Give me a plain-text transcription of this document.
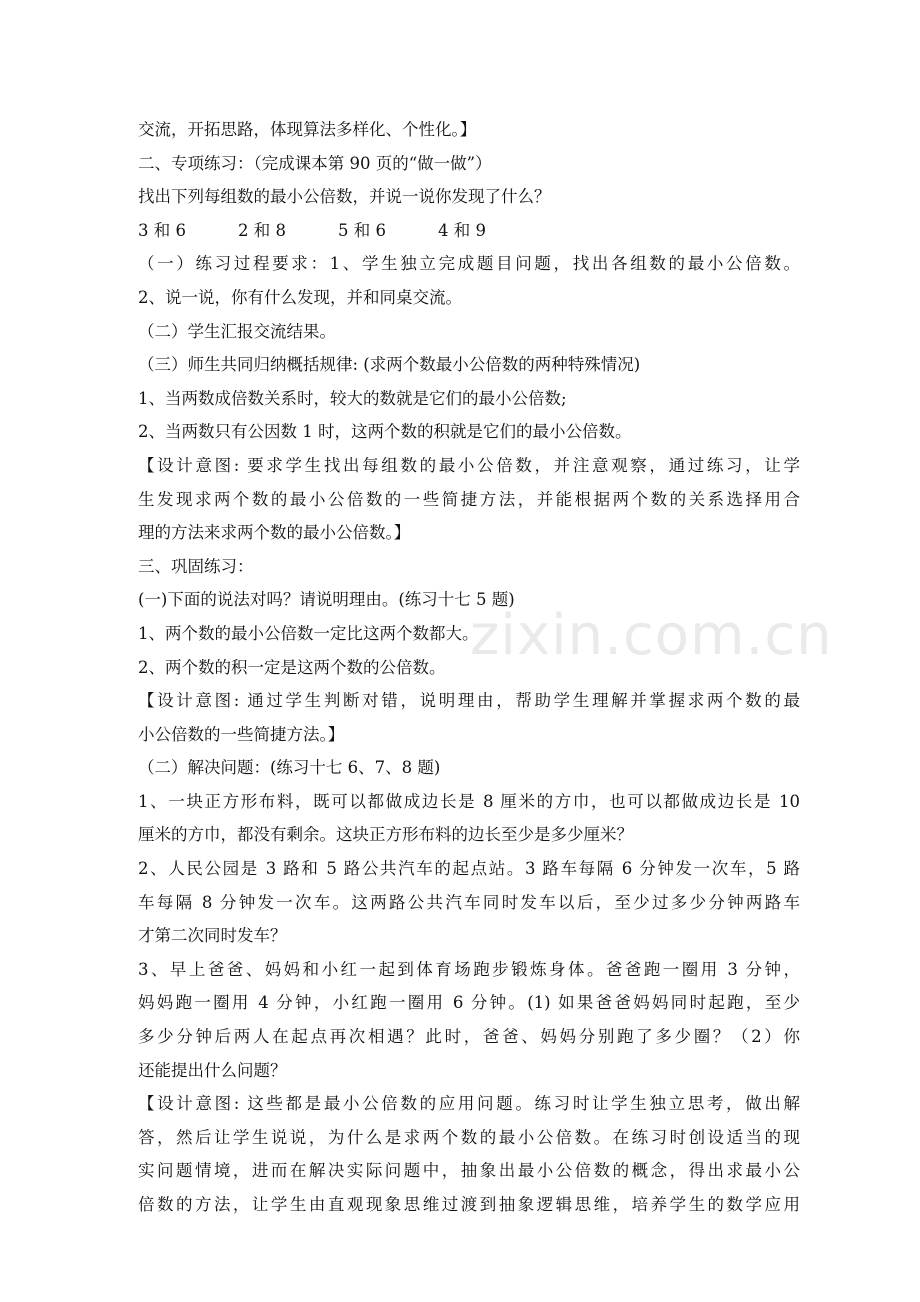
交流，开拓思路，体现算法多样化、个性化。】
二、专项练习：（完成课本第 90 页的“做一做”）
找出下列每组数的最小公倍数，并说一说你发现了什么？
3 和 6	2 和 8	5 和 6	4 和 9
（一）练习过程要求：1、学生独立完成题目问题，找出各组数的最小公倍数。
2、说一说，你有什么发现，并和同桌交流。
（二）学生汇报交流结果。
（三）师生共同归纳概括规律: (求两个数最小公倍数的两种特殊情况)
1、当两数成倍数关系时，较大的数就是它们的最小公倍数;
2、当两数只有公因数 1 时，这两个数的积就是它们的最小公倍数。
【设计意图: 要求学生找出每组数的最小公倍数，并注意观察，通过练习，让学
生发现求两个数的最小公倍数的一些简捷方法，并能根据两个数的关系选择用合
理的方法来求两个数的最小公倍数。】
三、巩固练习：
(一)下面的说法对吗？请说明理由。(练习十七 5 题)
1、两个数的最小公倍数一定比这两个数都大。
2、两个数的积一定是这两个数的公倍数。
【设计意图: 通过学生判断对错，说明理由，帮助学生理解并掌握求两个数的最
小公倍数的一些简捷方法。】
（二）解决问题：(练习十七 6、7、8 题)
1、一块正方形布料，既可以都做成边长是 8 厘米的方巾，也可以都做成边长是 10
厘米的方巾，都没有剩余。这块正方形布料的边长至少是多少厘米？
2、人民公园是 3 路和 5 路公共汽车的起点站。3 路车每隔 6 分钟发一次车，5 路
车每隔 8 分钟发一次车。这两路公共汽车同时发车以后，至少过多少分钟两路车
才第二次同时发车？
3、早上爸爸、妈妈和小红一起到体育场跑步锻炼身体。爸爸跑一圈用 3 分钟，
妈妈跑一圈用 4 分钟，小红跑一圈用 6 分钟。(1) 如果爸爸妈妈同时起跑，至少
多少分钟后两人在起点再次相遇？此时，爸爸、妈妈分别跑了多少圈？（2）你
还能提出什么问题？
【设计意图: 这些都是最小公倍数的应用问题。练习时让学生独立思考，做出解
答，然后让学生说说，为什么是求两个数的最小公倍数。在练习时创设适当的现
实问题情境，进而在解决实际问题中，抽象出最小公倍数的概念，得出求最小公
倍数的方法，让学生由直观现象思维过渡到抽象逻辑思维，培养学生的数学应用
zixin.com.cn
